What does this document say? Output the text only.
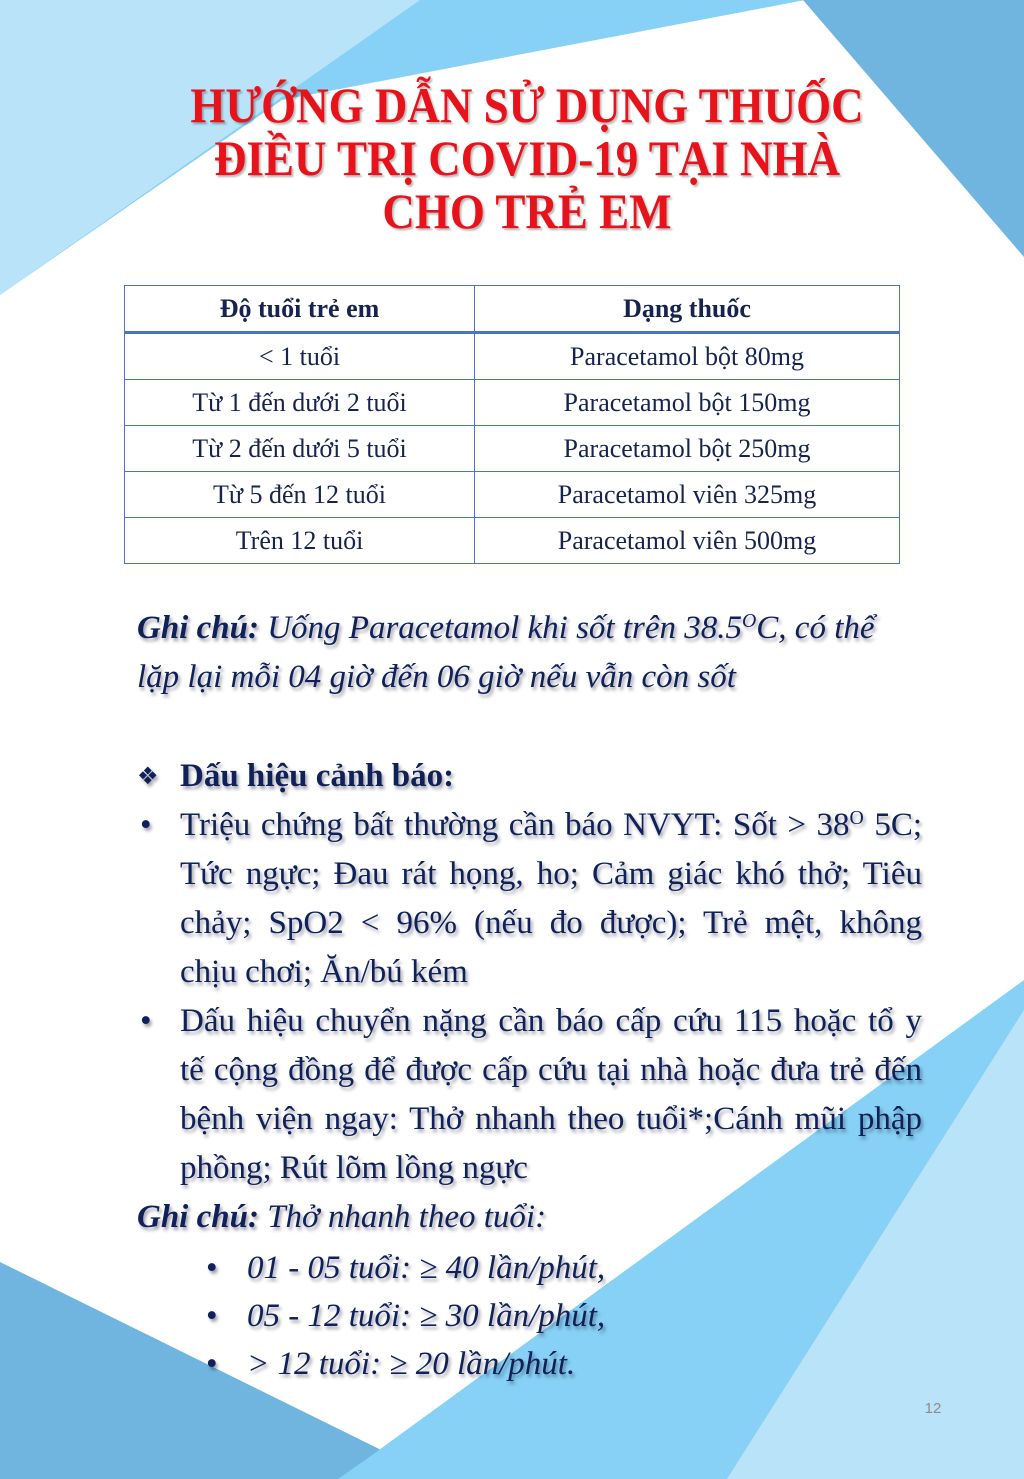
HƯỚNG DẪN SỬ DỤNG THUỐC
ĐIỀU TRỊ COVID-19 TẠI NHÀ
CHO TRẺ EM
Độ tuổi trẻ em	Dạng thuốc
< 1 tuổi	Paracetamol bột 80mg
Từ 1 đến dưới 2 tuổi	Paracetamol bột 150mg
Từ 2 đến dưới 5 tuổi	Paracetamol bột 250mg
Từ 5 đến 12 tuổi	Paracetamol viên 325mg
Trên 12 tuổi	Paracetamol viên 500mg
Ghi chú: Uống Paracetamol khi sốt trên $38.5^OC$, có thể
lặp lại mỗi 04 giờ đến 06 giờ nếu vẫn còn sốt
❖ Dấu hiệu cảnh báo:
• Triệu chứng bất thường cần báo NVYT: Sốt > $38^O$ 5C;
Tức ngực; Đau rát họng, ho; Cảm giác khó thở; Tiêu
chảy; SpO2 < 96% (nếu đo được); Trẻ mệt, không
chịu chơi; Ăn/bú kém
• Dấu hiệu chuyển nặng cần báo cấp cứu 115 hoặc tổ y
tế cộng đồng để được cấp cứu tại nhà hoặc đưa trẻ đến
bệnh viện ngay: Thở nhanh theo tuổi*;Cánh mũi phập
phồng; Rút lõm lồng ngực
Ghi chú: Thở nhanh theo tuổi:
• 01 - 05 tuổi: ≥ 40 lần/phút,
• 05 - 12 tuổi: ≥ 30 lần/phút,
• > 12 tuổi: ≥ 20 lần/phút.
12
